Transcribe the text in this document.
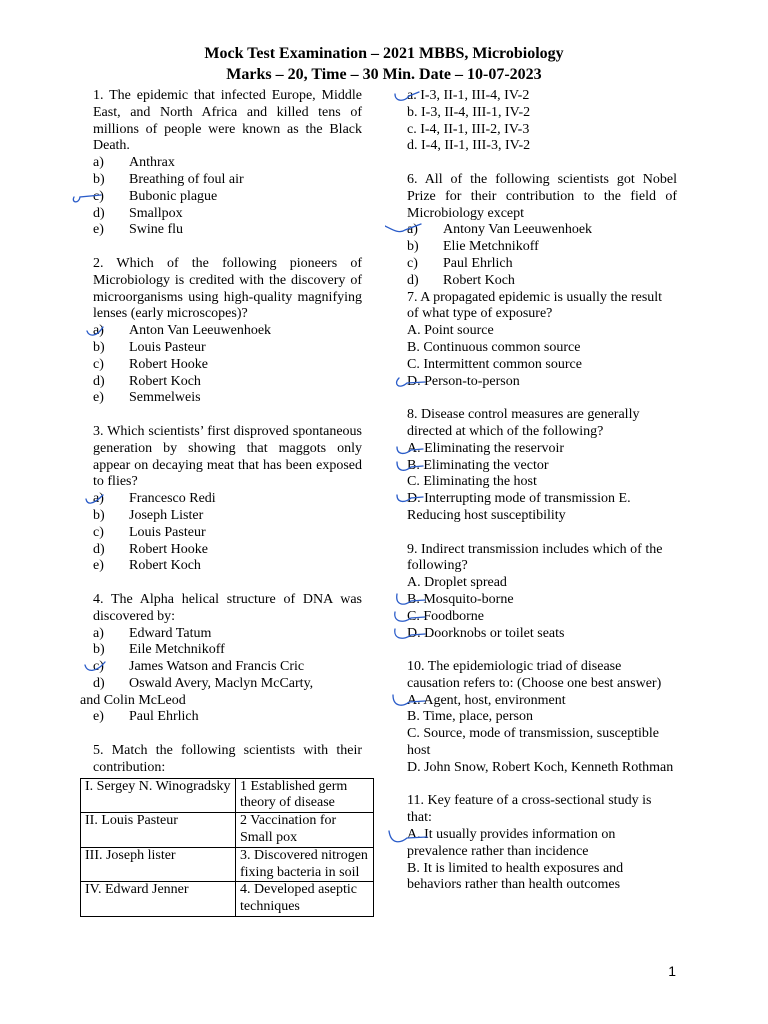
Mock Test Examination – 2021 MBBS, Microbiology
Marks – 20, Time – 30 Min. Date – 10-07-2023
1. The epidemic that infected Europe, Middle East, and North Africa and killed tens of millions of people were known as the Black Death.
a)	Anthrax
b)	Breathing of foul air
c)	Bubonic plague
d)	Smallpox
e)	Swine flu
2. Which of the following pioneers of Microbiology is credited with the discovery of microorganisms using high-quality magnifying lenses (early microscopes)?
a)	Anton Van Leeuwenhoek
b)	Louis Pasteur
c)	Robert Hooke
d)	Robert Koch
e)	Semmelweis
3. Which scientists’ first disproved spontaneous generation by showing that maggots only appear on decaying meat that has been exposed to flies?
a)	Francesco Redi
b)	Joseph Lister
c)	Louis Pasteur
d)	Robert Hooke
e)	Robert Koch
4. The Alpha helical structure of DNA was discovered by:
a)	Edward Tatum
b)	Eile Metchnikoff
c)	James Watson and Francis Cric
d)	Oswald Avery, Maclyn McCarty,
and Colin McLeod
e)	Paul Ehrlich
5. Match the following scientists with their contribution:
I. Sergey N. Winogradsky	1 Established germ theory of disease
II. Louis Pasteur	2 Vaccination for Small pox
III. Joseph lister	3. Discovered nitrogen fixing bacteria in soil
IV. Edward Jenner	4. Developed aseptic techniques
a. I-3, II-1, III-4, IV-2
b. I-3, II-4, III-1, IV-2
c. I-4, II-1, III-2, IV-3
d. I-4, II-1, III-3, IV-2
6. All of the following scientists got Nobel Prize for their contribution to the field of Microbiology except
a)	Antony Van Leeuwenhoek
b)	Elie Metchnikoff
c)	Paul Ehrlich
d)	Robert Koch
7. A propagated epidemic is usually the result of what type of exposure?
A. Point source
B. Continuous common source
C. Intermittent common source
D. Person-to-person
8. Disease control measures are generally directed at which of the following?
A. Eliminating the reservoir
B. Eliminating the vector
C. Eliminating the host
D. Interrupting mode of transmission E. Reducing host susceptibility
9. Indirect transmission includes which of the following?
A. Droplet spread
B. Mosquito-borne
C. Foodborne
D. Doorknobs or toilet seats
10. The epidemiologic triad of disease causation refers to: (Choose one best answer)
A. Agent, host, environment
B. Time, place, person
C. Source, mode of transmission, susceptible host
D. John Snow, Robert Koch, Kenneth Rothman
11. Key feature of a cross-sectional study is that:
A. It usually provides information on prevalence rather than incidence
B. It is limited to health exposures and behaviors rather than health outcomes
1
